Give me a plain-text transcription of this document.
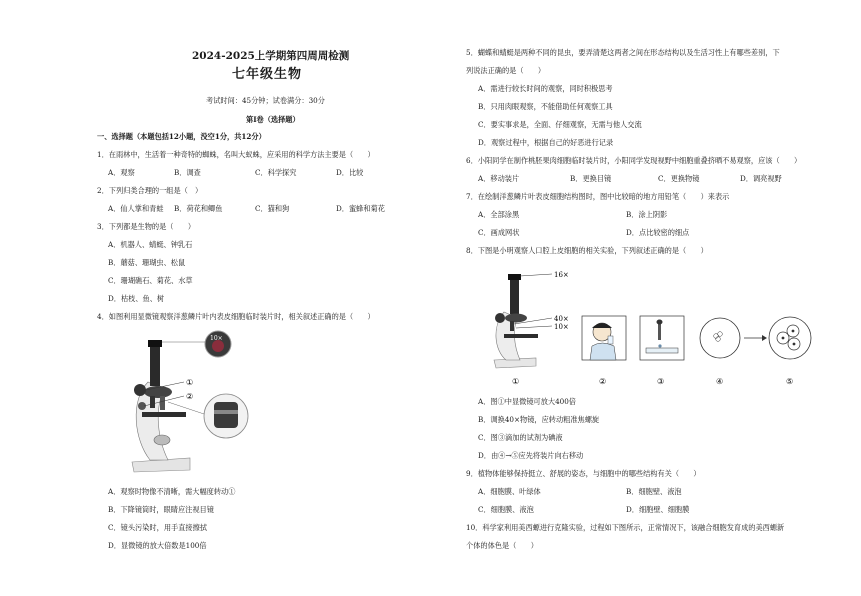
2024-2025上学期第四周周检测
七年级生物
考试时间：45分钟；试卷满分：30分
第Ⅰ卷（选择题）
一、选择题（本题包括12小题，没空1分，共12分）
1．在雨林中，生活着一种奇特的蜘蛛，名叫大蚁蛛，应采用的科学方法主要是（　　）
A．观察	B．调查	C．科学探究	D．比较
2．下列归类合理的一组是（　）
A．仙人掌和青蛙 B．荷花和鲫鱼	C．猫和狗	D．蜜蜂和菊花
3．下列都是生物的是（　　）
A．机器人、蜻蜓、钟乳石
B．蘑菇、珊瑚虫、松鼠
C．珊瑚礁石、菊花、水草
D．枯枝、鱼、树
4．如图利用显微镜观察洋葱鳞片叶内表皮细胞临时装片时，相关叙述正确的是（　　）
①
②
10×
A．观察时物像不清晰，需大幅度转动①
B．下降镜筒时，眼睛应注视目镜
C．镜头污染时，用手直接擦拭
D．显微镜的放大倍数是100倍
5．蝴蝶和蜻蜓是两种不同的昆虫，要弄清楚这两者之间在形态结构以及生活习性上有哪些差别，下
列说法正确的是（　　）
A．需进行较长时间的观察，同时积极思考
B．只用肉眼观察，不能借助任何观察工具
C．要实事求是，全面、仔细观察，无需与他人交流
D．观察过程中，根据自己的好恶进行记录
6．小阳同学在制作桃胚果肉细胞临时装片时，小阳同学发现视野中细胞重叠挤晒不易观察，应该（　　）
A．移动装片	B．更换目镜	C．更换物镜	D．调亮视野
7．在绘制洋葱鳞片叶表皮细胞结构图时，图中比较暗的地方用铅笔（　　）来表示
A．全部涂黑	B．涂上阴影
C．画成网状	D．点比较密的细点
8．下图是小明观察人口腔上皮细胞的相关实验，下列叙述正确的是（　　）
16×
40×
10×
①	②	③	④	⑤
A．图①中显微镜可放大400倍
B．调换40×物镜，应转动粗准焦螺旋
C．图③滴加的试剂为碘液
D．由④→⑤应先将装片向右移动
9．植物体能够保持挺立、舒展的姿态，与细胞中的哪些结构有关（　　）
A．细胞膜、叶绿体	B．细胞壁、液泡
C．细胞膜、液泡	D．细胞壁、细胞膜
10．科学家利用美西螈进行克隆实验，过程如下图所示，正常情况下，该融合细胞发育成的美西螈新
个体的体色是（　　）
